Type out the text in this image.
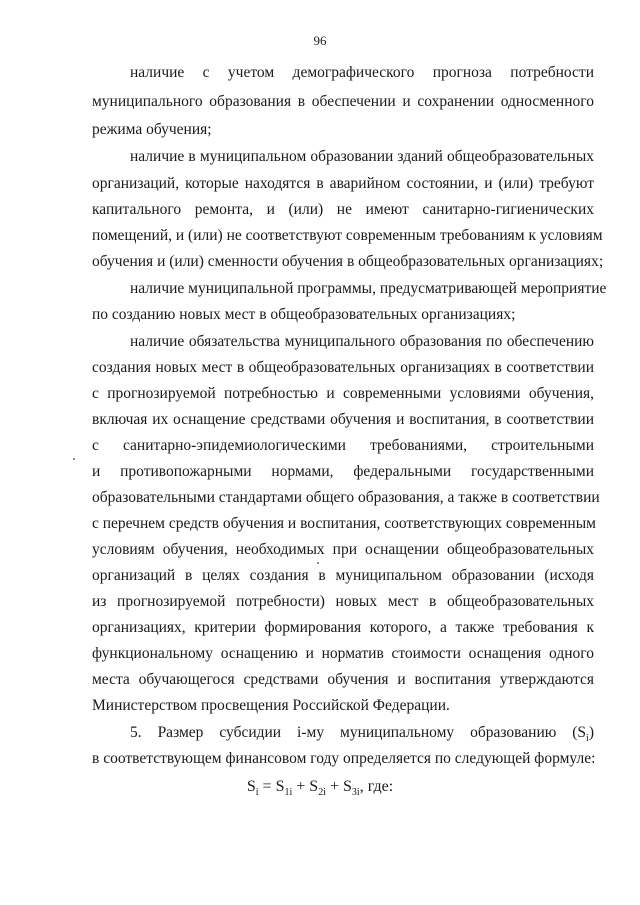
96
наличие с учетом демографического прогноза потребности
муниципального образования в обеспечении и сохранении односменного
режима обучения;
наличие в муниципальном образовании зданий общеобразовательных
организаций, которые находятся в аварийном состоянии, и (или) требуют
капитального ремонта, и (или) не имеют санитарно-гигиенических
помещений, и (или) не соответствуют современным требованиям к условиям
обучения и (или) сменности обучения в общеобразовательных организациях;
наличие муниципальной программы, предусматривающей мероприятие
по созданию новых мест в общеобразовательных организациях;
наличие обязательства муниципального образования по обеспечению
создания новых мест в общеобразовательных организациях в соответствии
с прогнозируемой потребностью и современными условиями обучения,
включая их оснащение средствами обучения и воспитания, в соответствии
с санитарно-эпидемиологическими требованиями, строительными
и противопожарными нормами, федеральными государственными
образовательными стандартами общего образования, а также в соответствии
с перечнем средств обучения и воспитания, соответствующих современным
условиям обучения, необходимых при оснащении общеобразовательных
организаций в целях создания в муниципальном образовании (исходя
из прогнозируемой потребности) новых мест в общеобразовательных
организациях, критерии формирования которого, а также требования к
функциональному оснащению и норматив стоимости оснащения одного
места обучающегося средствами обучения и воспитания утверждаются
Министерством просвещения Российской Федерации.
5. Размер субсидии i-му муниципальному образованию $(S_i)$
в соответствующем финансовом году определяется по следующей формуле:
$S_i = S_{1i} + S_{2i} + S_{3i}$, где:
